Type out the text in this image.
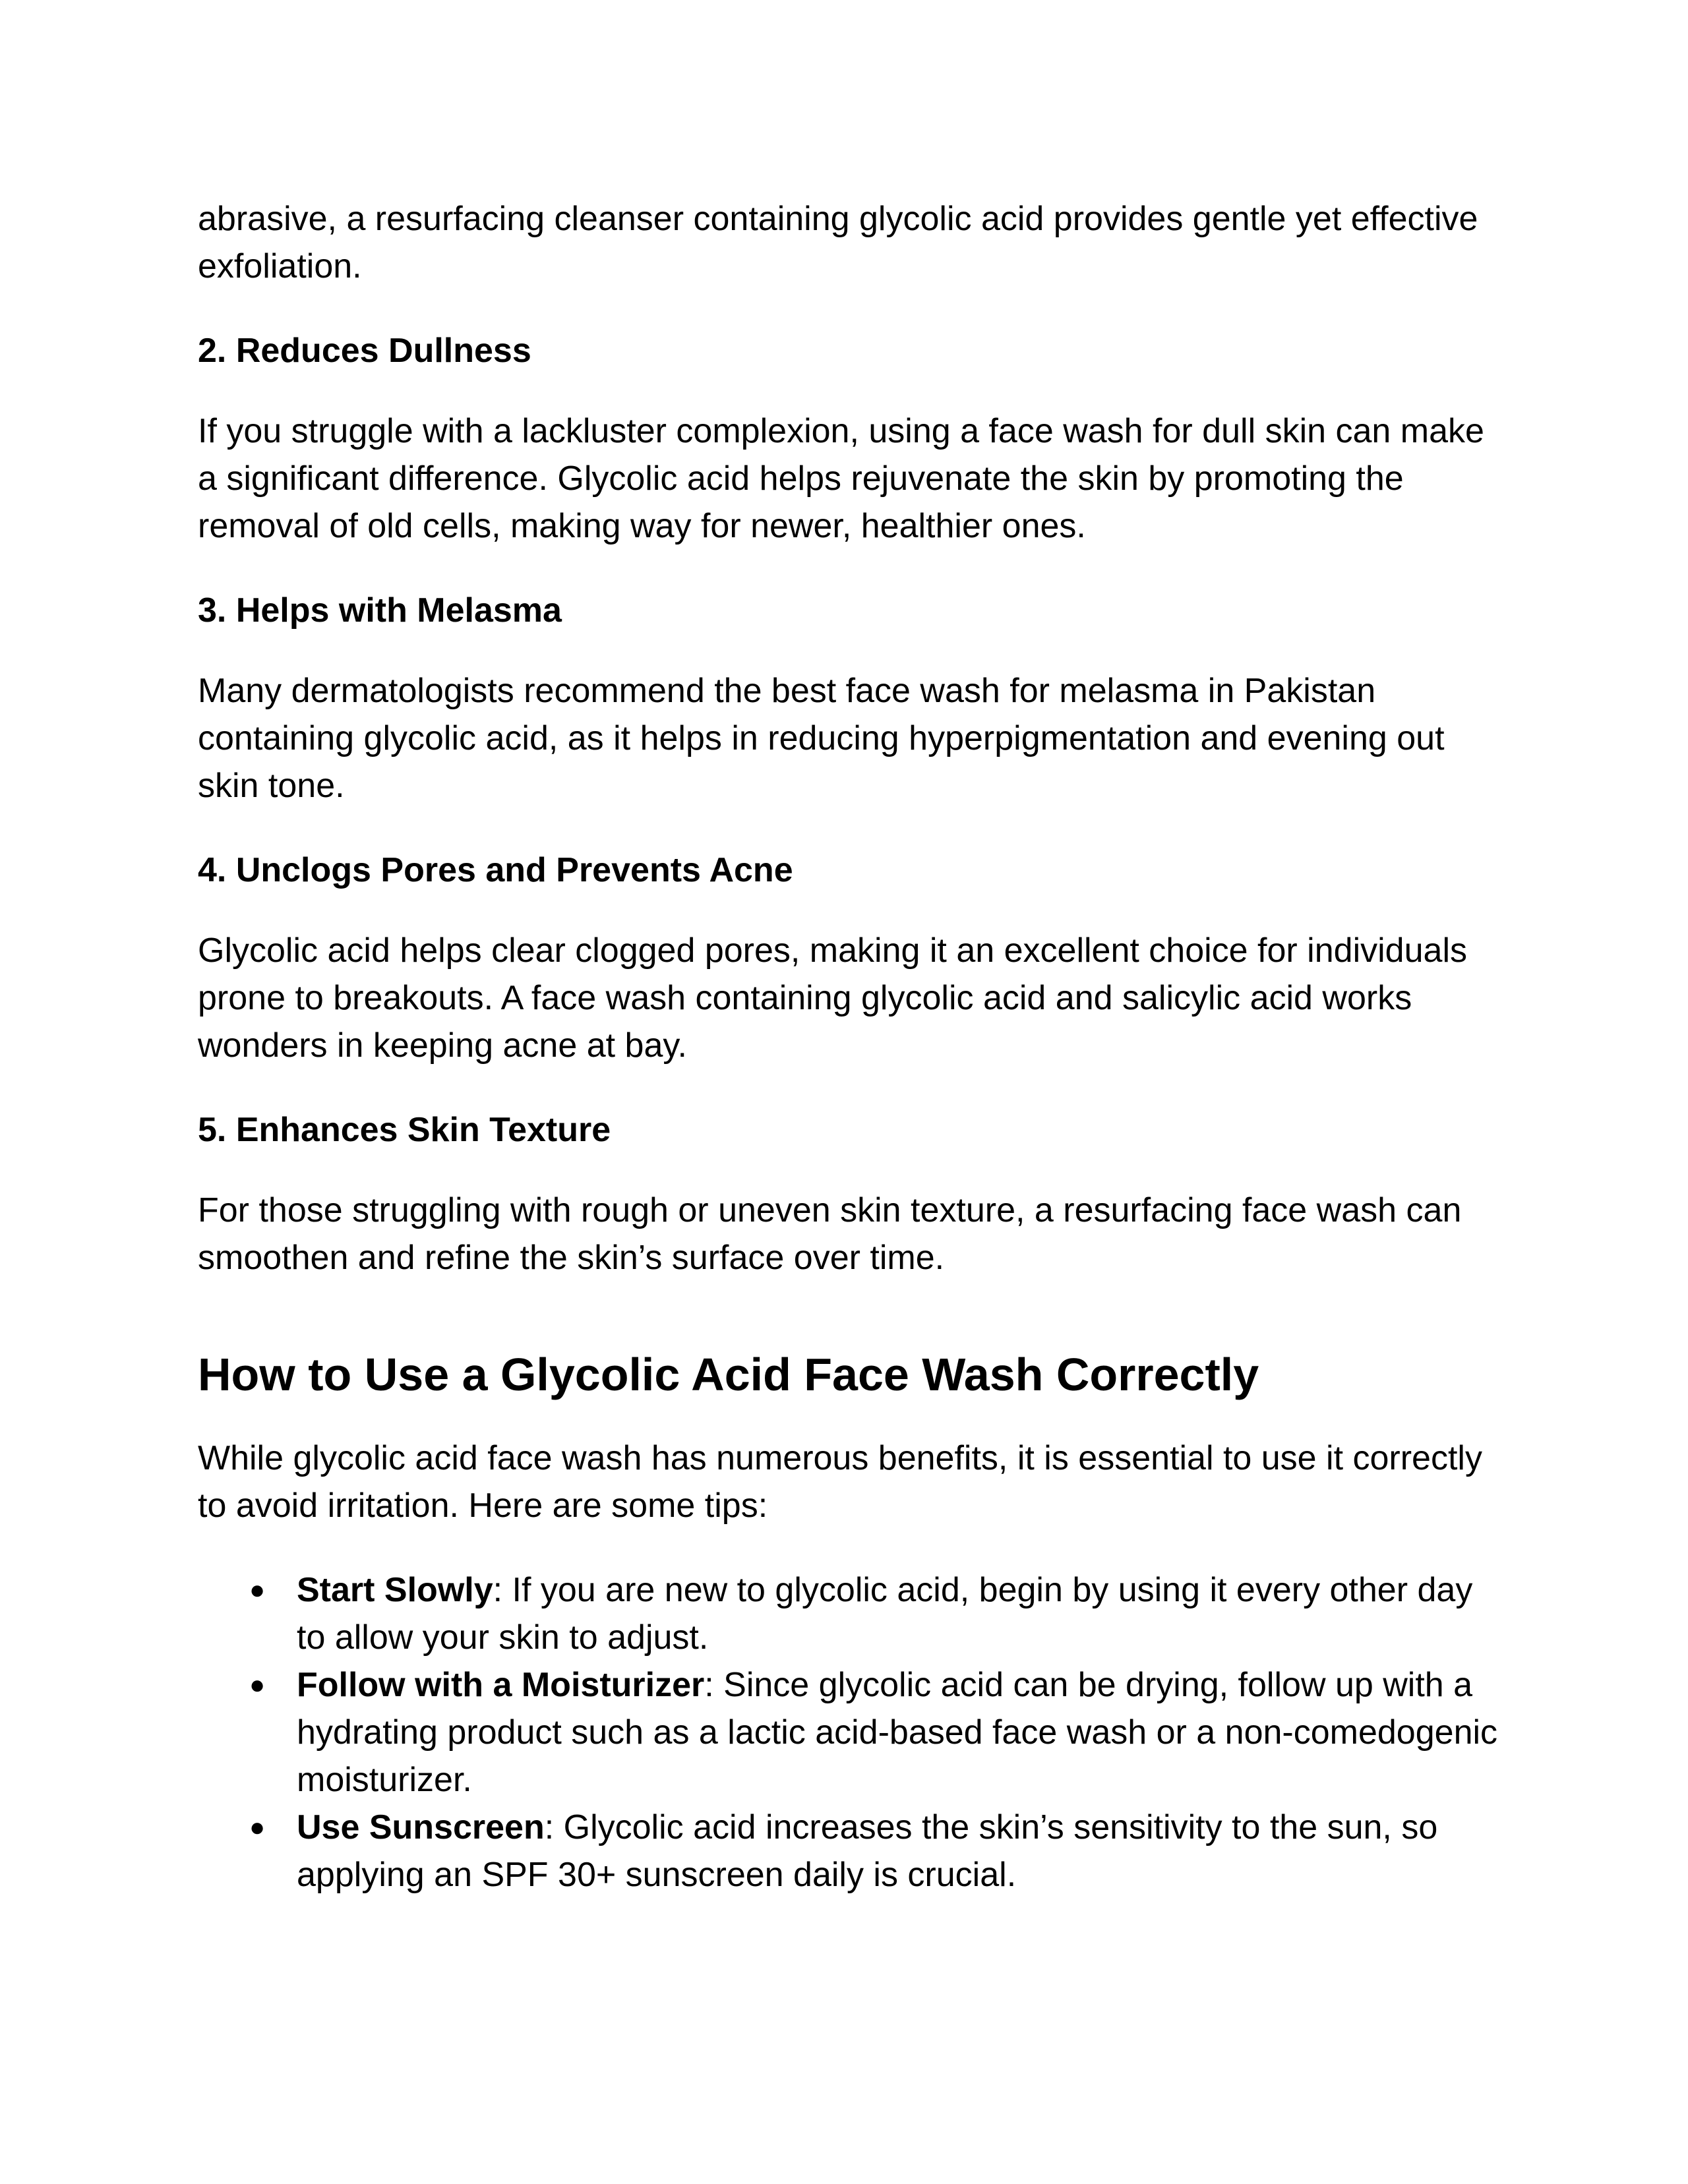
abrasive, a resurfacing cleanser containing glycolic acid provides gentle yet effective exfoliation.

2. Reduces Dullness

If you struggle with a lackluster complexion, using a face wash for dull skin can make a significant difference. Glycolic acid helps rejuvenate the skin by promoting the removal of old cells, making way for newer, healthier ones.

3. Helps with Melasma

Many dermatologists recommend the best face wash for melasma in Pakistan containing glycolic acid, as it helps in reducing hyperpigmentation and evening out skin tone.

4. Unclogs Pores and Prevents Acne

Glycolic acid helps clear clogged pores, making it an excellent choice for individuals prone to breakouts. A face wash containing glycolic acid and salicylic acid works wonders in keeping acne at bay.

5. Enhances Skin Texture

For those struggling with rough or uneven skin texture, a resurfacing face wash can smoothen and refine the skin’s surface over time.

How to Use a Glycolic Acid Face Wash Correctly

While glycolic acid face wash has numerous benefits, it is essential to use it correctly to avoid irritation. Here are some tips:

● Start Slowly: If you are new to glycolic acid, begin by using it every other day to allow your skin to adjust.
● Follow with a Moisturizer: Since glycolic acid can be drying, follow up with a hydrating product such as a lactic acid-based face wash or a non-comedogenic moisturizer.
● Use Sunscreen: Glycolic acid increases the skin’s sensitivity to the sun, so applying an SPF 30+ sunscreen daily is crucial.
